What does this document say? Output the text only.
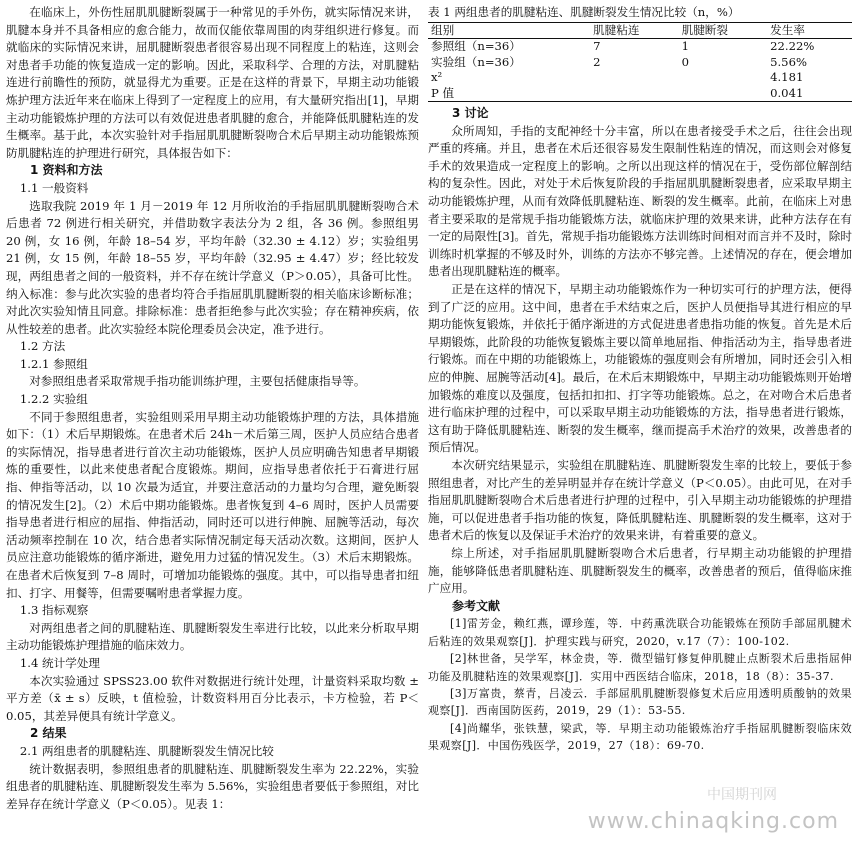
在临床上，外伤性屈肌肌腱断裂属于一种常见的手外伤，就实际情况来讲，肌腱本身并不具备相应的愈合能力，故而仅能依靠周围的肉芽组织进行修复。而就临床的实际情况来讲，屈肌腱断裂患者很容易出现不同程度上的粘连，这则会对患者手功能的恢复造成一定的影响。因此，采取科学、合理的方法，对肌腱粘连进行前瞻性的预防，就显得尤为重要。正是在这样的背景下，早期主动功能锻炼护理方法近年来在临床上得到了一定程度上的应用，有大量研究指出[1]，早期主动功能锻炼护理的方法可以有效促进患者肌腱的愈合，并能降低肌腱粘连的发生概率。基于此，本次实验针对手指屈肌肌腱断裂吻合术后早期主动功能锻炼预防肌腱粘连的护理进行研究，具体报告如下：

1 资料和方法

1.1 一般资料

选取我院 2019 年 1 月－2019 年 12 月所收治的手指屈肌肌腱断裂吻合术后患者 72 例进行相关研究，并借助数字表法分为 2 组，各 36 例。参照组男 20 例，女 16 例，年龄 18–54 岁，平均年龄（32.30 ± 4.12）岁；实验组男 21 例，女 15 例，年龄 18–55 岁，平均年龄（32.95 ± 4.47）岁；经比较发现，两组患者之间的一般资料，并不存在统计学意义（P＞0.05），具备可比性。纳入标准：参与此次实验的患者均符合手指屈肌肌腱断裂的相关临床诊断标准；对此次实验知情且同意。排除标准：患者拒绝参与此次实验；存在精神疾病，依从性较差的患者。此次实验经本院伦理委员会决定，准予进行。

1.2 方法

1.2.1 参照组

对参照组患者采取常规手指功能训练护理，主要包括健康指导等。

1.2.2 实验组

不同于参照组患者，实验组则采用早期主动功能锻炼护理的方法，具体措施如下：（1）术后早期锻炼。在患者术后 24h－术后第三周，医护人员应结合患者的实际情况，指导患者进行首次主动功能锻炼，医护人员应明确告知患者早期锻炼的重要性，以此来使患者配合度锻炼。期间，应指导患者依托于石膏进行屈指、伸指等活动，以 10 次最为适宜，并要注意活动的力量均匀合理，避免断裂的情况发生[2]。（2）术后中期功能锻炼。患者恢复到 4–6 周时，医护人员需要指导患者进行相应的屈指、伸指活动，同时还可以进行伸腕、屈腕等活动，每次活动频率控制在 10 次，结合患者实际情况制定每天活动次数。这期间，医护人员应注意功能锻炼的循序渐进，避免用力过猛的情况发生。（3）术后末期锻炼。在患者术后恢复到 7–8 周时，可增加功能锻炼的强度。其中，可以指导患者扣纽扣、打字、用餐等，但需要嘱咐患者掌握力度。

1.3 指标观察

对两组患者之间的肌腱粘连、肌腱断裂发生率进行比较，以此来分析取早期主动功能锻炼护理措施的临床效力。

1.4 统计学处理

本次实验通过 SPSS23.00 软件对数据进行统计处理，计量资料采取均数 ± 平方差（x̄ ± s）反映，t 值检验，计数资料用百分比表示，卡方检验，若 P＜0.05，其差异便具有统计学意义。

2 结果

2.1 两组患者的肌腱粘连、肌腱断裂发生情况比较

统计数据表明，参照组患者的肌腱粘连、肌腱断裂发生率为 22.22%，实验组患者的肌腱粘连、肌腱断裂发生率为 5.56%，实验组患者要低于参照组，对比差异存在统计学意义（P＜0.05）。见表 1：

表 1 两组患者的肌腱粘连、肌腱断裂发生情况比较（n，%）

组别	肌腱粘连	肌腱断裂	发生率
参照组（n=36）	7	1	22.22%
实验组（n=36）	2	0	5.56%
x²			4.181
P 值			0.041

3 讨论

众所周知，手指的支配神经十分丰富，所以在患者接受手术之后，往往会出现严重的疼痛。并且，患者在术后还很容易发生限制性粘连的情况，而这则会对修复手术的效果造成一定程度上的影响。之所以出现这样的情况在于，受伤部位解剖结构的复杂性。因此，对处于术后恢复阶段的手指屈肌肌腱断裂患者，应采取早期主动功能锻炼护理，从而有效降低肌腱粘连、断裂的发生概率。此前，在临床上对患者主要采取的是常规手指功能锻炼方法，就临床护理的效果来讲，此种方法存在有一定的局限性[3]。首先，常规手指功能锻炼方法训练时间相对而言并不及时，除时训练时机掌握的不够及时外，训练的方法亦不够完善。上述情况的存在，便会增加患者出现肌腱粘连的概率。

正是在这样的情况下，早期主动功能锻炼作为一种切实可行的护理方法，便得到了广泛的应用。这中间，患者在手术结束之后，医护人员便指导其进行相应的早期功能恢复锻炼，并依托于循序渐进的方式促进患者患指功能的恢复。首先是术后早期锻炼，此阶段的功能恢复锻炼主要以简单地屈指、伸指活动为主，指导患者进行锻炼。而在中期的功能锻炼上，功能锻炼的强度则会有所增加，同时还会引入相应的伸腕、屈腕等活动[4]。最后，在术后末期锻炼中，早期主动功能锻炼则开始增加锻炼的难度以及强度，包括扣扣扣、打字等功能锻炼。总之，在对吻合术后患者进行临床护理的过程中，可以采取早期主动功能锻炼的方法，指导患者进行锻炼，这有助于降低肌腱粘连、断裂的发生概率，继而提高手术治疗的效果，改善患者的预后情况。

本次研究结果显示，实验组在肌腱粘连、肌腱断裂发生率的比较上，要低于参照组患者，对比产生的差异明显并存在统计学意义（P＜0.05）。由此可见，在对手指屈肌肌腱断裂吻合术后患者进行护理的过程中，引入早期主动功能锻炼的护理措施，可以促进患者手指功能的恢复，降低肌腱粘连、肌腱断裂的发生概率，这对于患者术后的恢复以及保证手术治疗的效果来讲，有着重要的意义。

综上所述，对手指屈肌肌腱断裂吻合术后患者，行早期主动功能锻的护理措施，能够降低患者肌腱粘连、肌腱断裂发生的概率，改善患者的预后，值得临床推广应用。

参考文献

[1]雷芳金，赖红燕，谭珍莲，等．中药熏洗联合功能锻炼在预防手部屈肌腱术后粘连的效果观察[J]．护理实践与研究，2020，v.17（7）：100-102.

[2]林世备，吴学军，林金贵，等．微型锚钉修复伸肌腱止点断裂术后患指屈伸功能及肌腱粘连的效果观察[J]．实用中西医结合临床，2018，18（8）：35-37.

[3]万富贵，蔡青，吕凌云．手部屈肌肌腱断裂修复术后应用透明质酸钠的效果观察[J]．西南国防医药，2019，29（1）：53-55.

[4]尚耀华，张铁慧，梁武，等．早期主动功能锻炼治疗手指屈肌腱断裂临床效果观察[J]．中国伤残医学，2019，27（18）：69-70.

中国期刊网
www.chinaqking.com
